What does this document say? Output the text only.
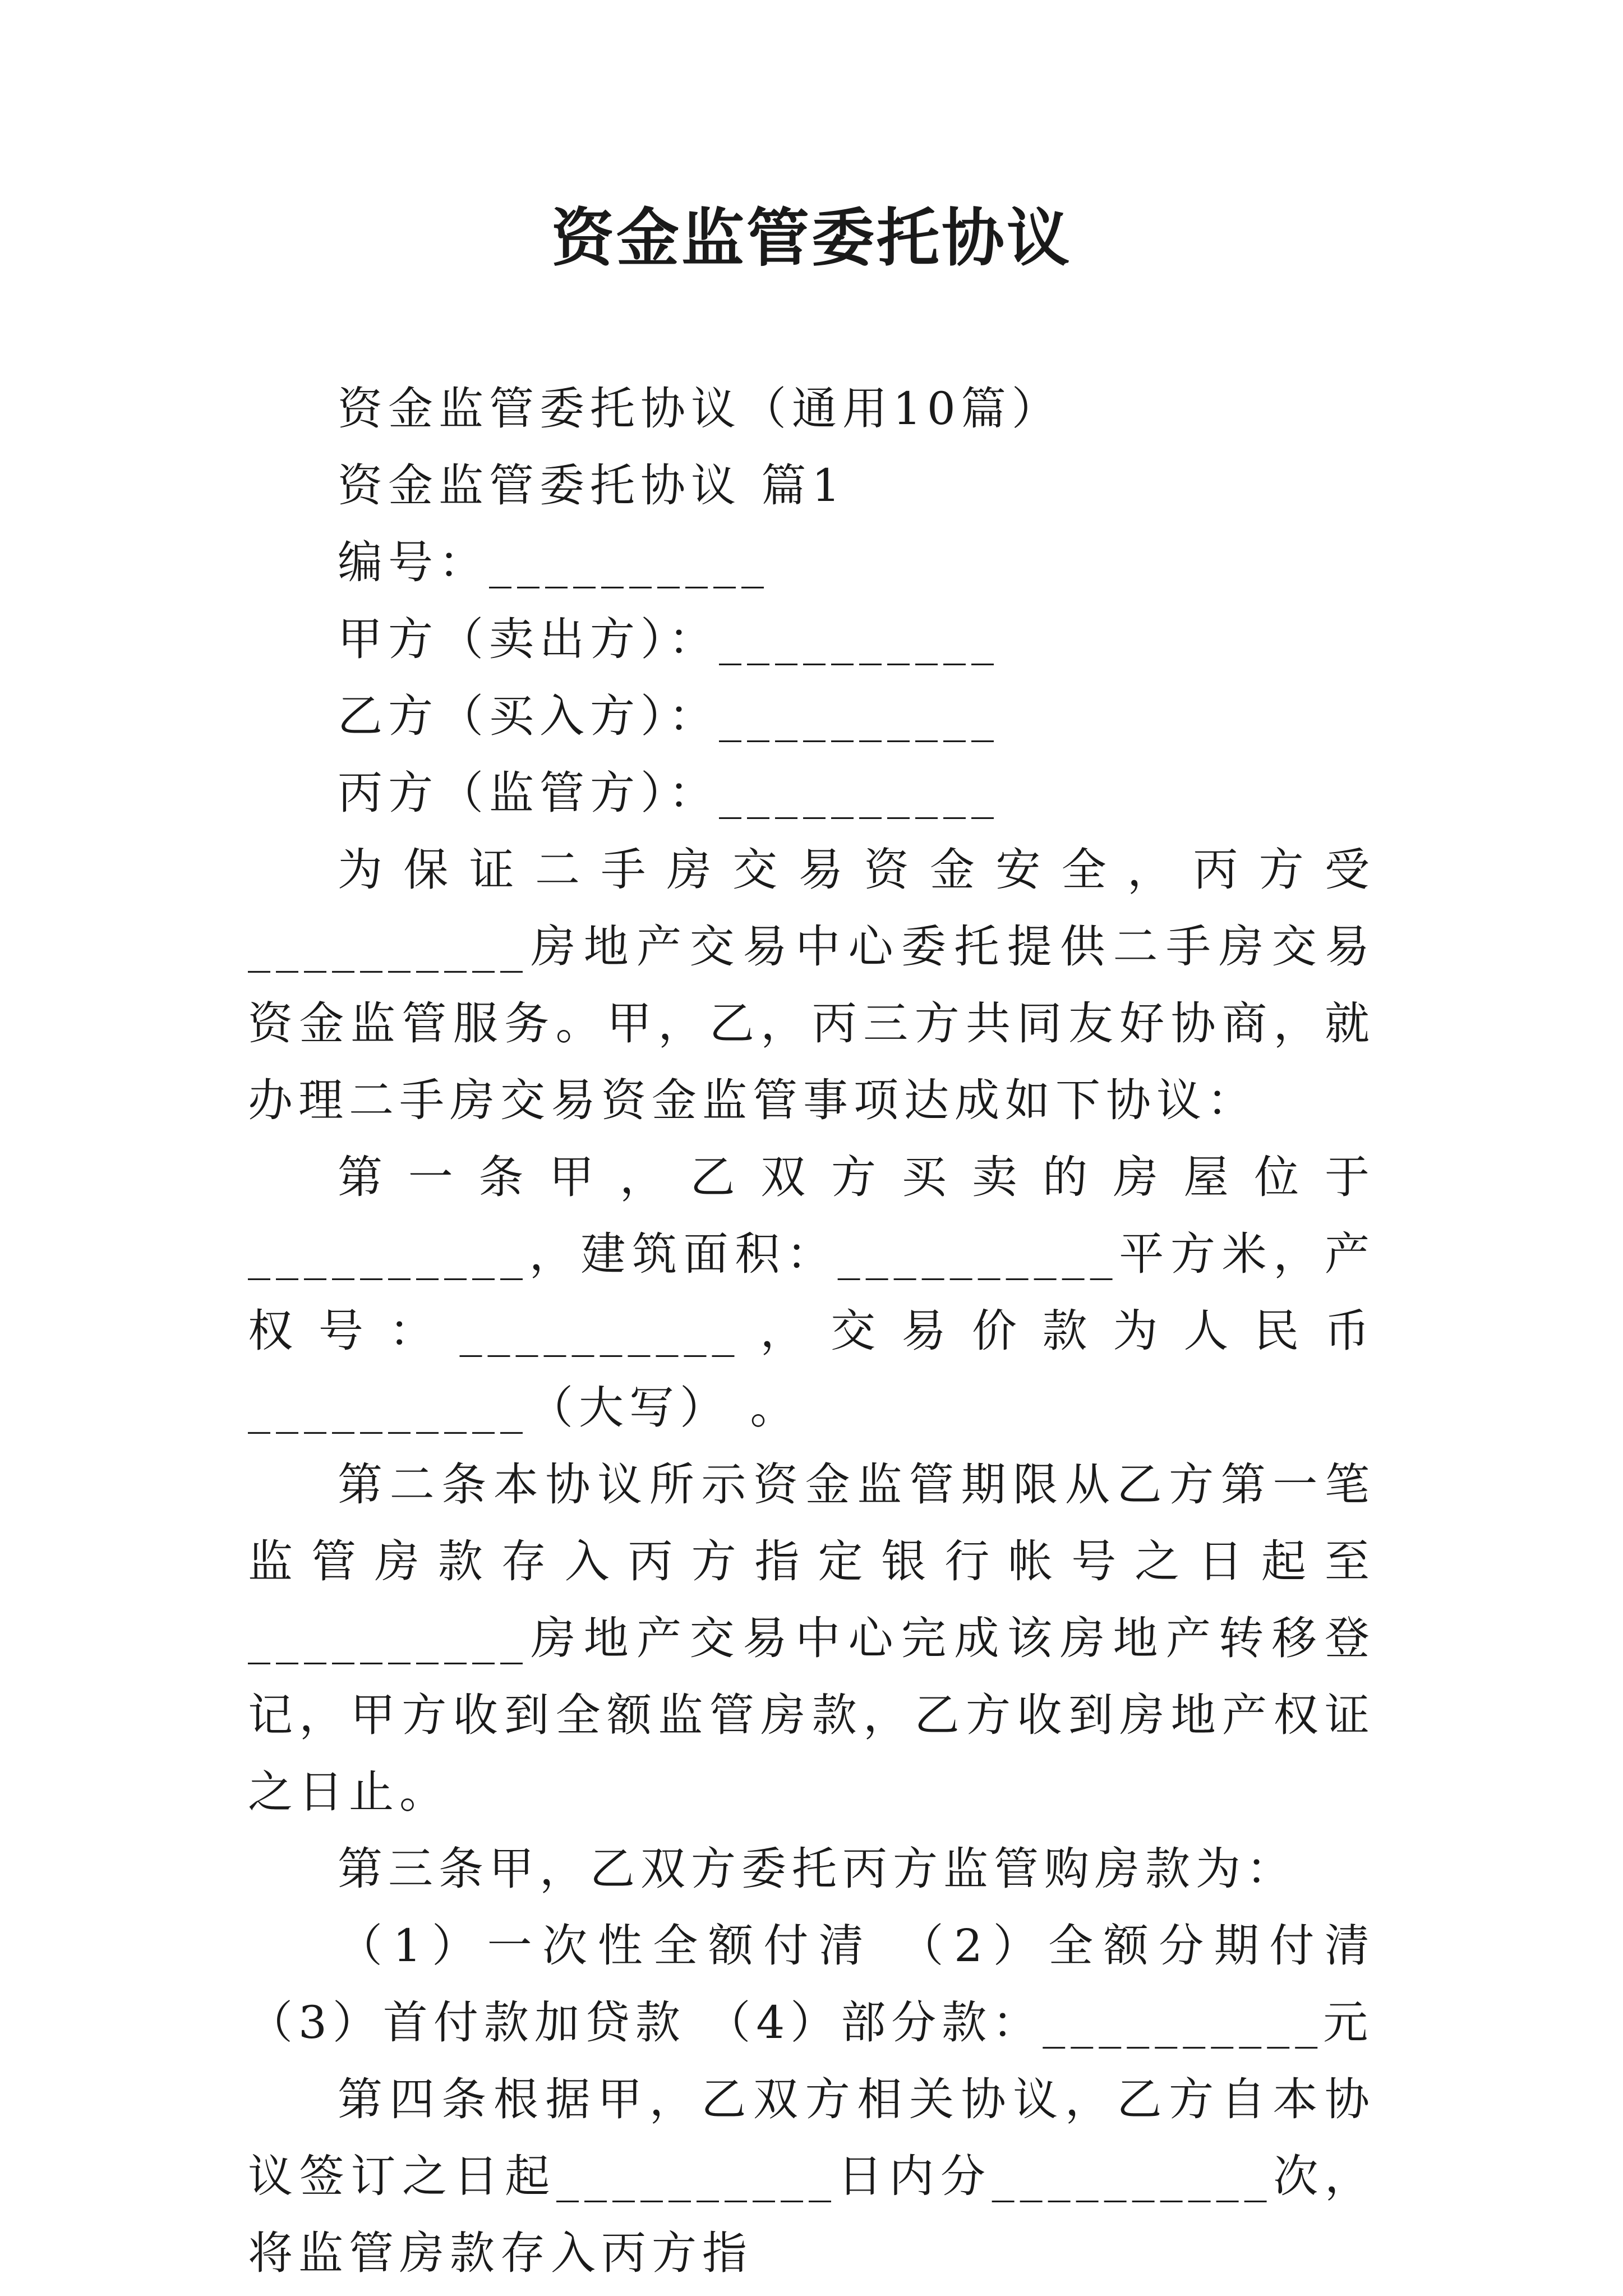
资金监管委托协议

资金监管委托协议（通用10篇）

资金监管委托协议 篇1

编号：__________

甲方（卖出方）：__________

乙方（买入方）：__________

丙方（监管方）：__________

为保证二手房交易资金安全，丙方受__________房地产交易中心委托提供二手房交易资金监管服务。甲，乙，丙三方共同友好协商，就办理二手房交易资金监管事项达成如下协议：

第一条甲，乙双方买卖的房屋位于__________，建筑面积：__________平方米，产权号：__________，交易价款为人民币__________（大写） 。

第二条本协议所示资金监管期限从乙方第一笔监管房款存入丙方指定银行帐号之日起至__________房地产交易中心完成该房地产转移登记，甲方收到全额监管房款，乙方收到房地产权证之日止。

第三条甲，乙双方委托丙方监管购房款为：

（1）一次性全额付清 （2）全额分期付清 （3）首付款加贷款 （4）部分款：__________元

第四条根据甲，乙双方相关协议，乙方自本协议签订之日起__________日内分__________次，将监管房款存入丙方指
